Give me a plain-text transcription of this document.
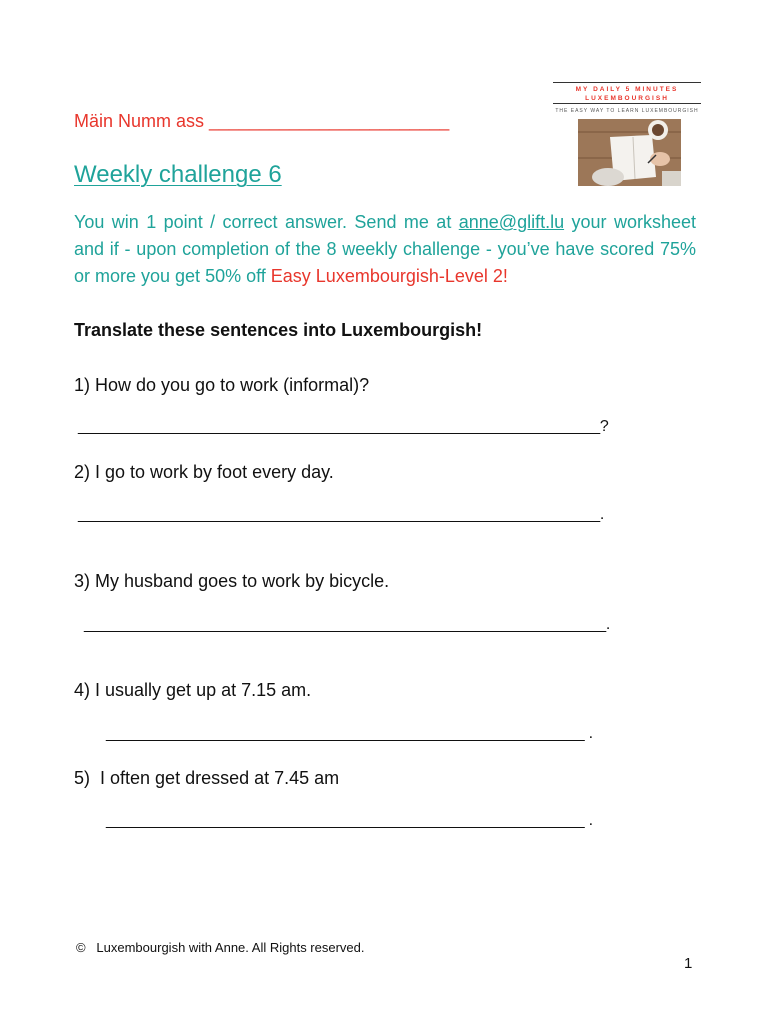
Mäin Numm ass ________________________
MY DAILY 5 MINUTES
LUXEMBOURGISH
THE EASY WAY TO LEARN LUXEMBOURGISH
Weekly challenge 6
You win 1 point / correct answer. Send me at anne@glift.lu your worksheet and if - upon completion of the 8 weekly challenge - you’ve have scored 75% or more you get 50% off Easy Luxembourgish-Level 2!
Translate these sentences into Luxembourgish!
1) How do you go to work (informal)?
____________________________________________________________?
2) I go to work by foot every day.
____________________________________________________________.
3) My husband goes to work by bicycle.
____________________________________________________________.
4) I usually get up at 7.15 am.
_______________________________________________________ .
5)  I often get dressed at 7.45 am
_______________________________________________________ .
©   Luxembourgish with Anne. All Rights reserved.
1
